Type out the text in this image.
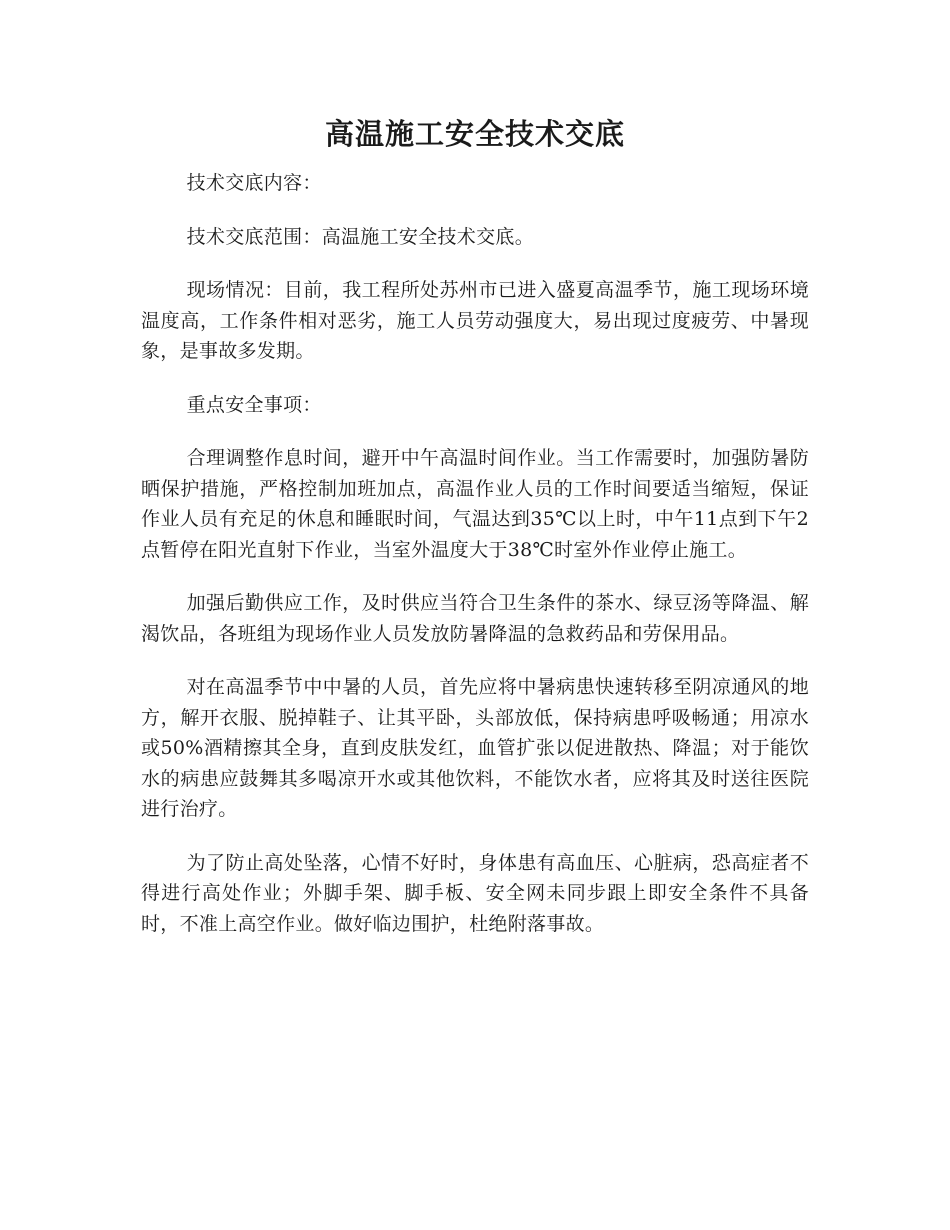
高温施工安全技术交底

技术交底内容：

技术交底范围：高温施工安全技术交底。

现场情况：目前，我工程所处苏州市已进入盛夏高温季节，施工现场环境温度高，工作条件相对恶劣，施工人员劳动强度大，易出现过度疲劳、中暑现象，是事故多发期。

重点安全事项：

合理调整作息时间，避开中午高温时间作业。当工作需要时，加强防暑防晒保护措施，严格控制加班加点，高温作业人员的工作时间要适当缩短，保证作业人员有充足的休息和睡眠时间，气温达到35℃以上时，中午11点到下午2点暂停在阳光直射下作业，当室外温度大于38℃时室外作业停止施工。

加强后勤供应工作，及时供应当符合卫生条件的茶水、绿豆汤等降温、解渴饮品，各班组为现场作业人员发放防暑降温的急救药品和劳保用品。

对在高温季节中中暑的人员，首先应将中暑病患快速转移至阴凉通风的地方，解开衣服、脱掉鞋子、让其平卧，头部放低，保持病患呼吸畅通；用凉水或50%酒精擦其全身，直到皮肤发红，血管扩张以促进散热、降温；对于能饮水的病患应鼓舞其多喝凉开水或其他饮料，不能饮水者，应将其及时送往医院进行治疗。

为了防止高处坠落，心情不好时，身体患有高血压、心脏病，恐高症者不得进行高处作业；外脚手架、脚手板、安全网未同步跟上即安全条件不具备时，不准上高空作业。做好临边围护，杜绝附落事故。
